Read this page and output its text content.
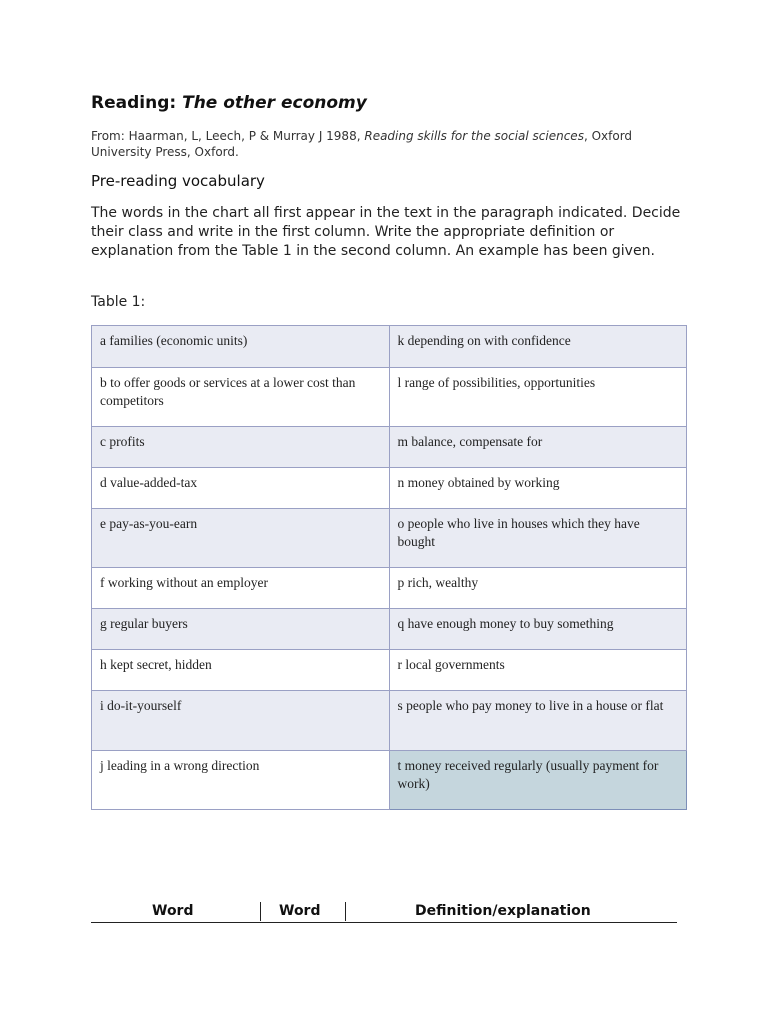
Reading: The other economy

From: Haarman, L, Leech, P & Murray J 1988, Reading skills for the social sciences, Oxford University Press, Oxford.

Pre-reading vocabulary

The words in the chart all first appear in the text in the paragraph indicated. Decide their class and write in the first column. Write the appropriate definition or explanation from the Table 1 in the second column. An example has been given.

Table 1:

a families (economic units)	k depending on with confidence
b to offer goods or services at a lower cost than competitors	l range of possibilities, opportunities
c profits	m balance, compensate for
d value-added-tax	n money obtained by working
e pay-as-you-earn	o people who live in houses which they have bought
f working without an employer	p rich, wealthy
g regular buyers	q have enough money to buy something
h kept secret, hidden	r local governments
i do-it-yourself	s people who pay money to live in a house or flat
j leading in a wrong direction	t money received regularly (usually payment for work)
Word	Word	Definition/explanation
